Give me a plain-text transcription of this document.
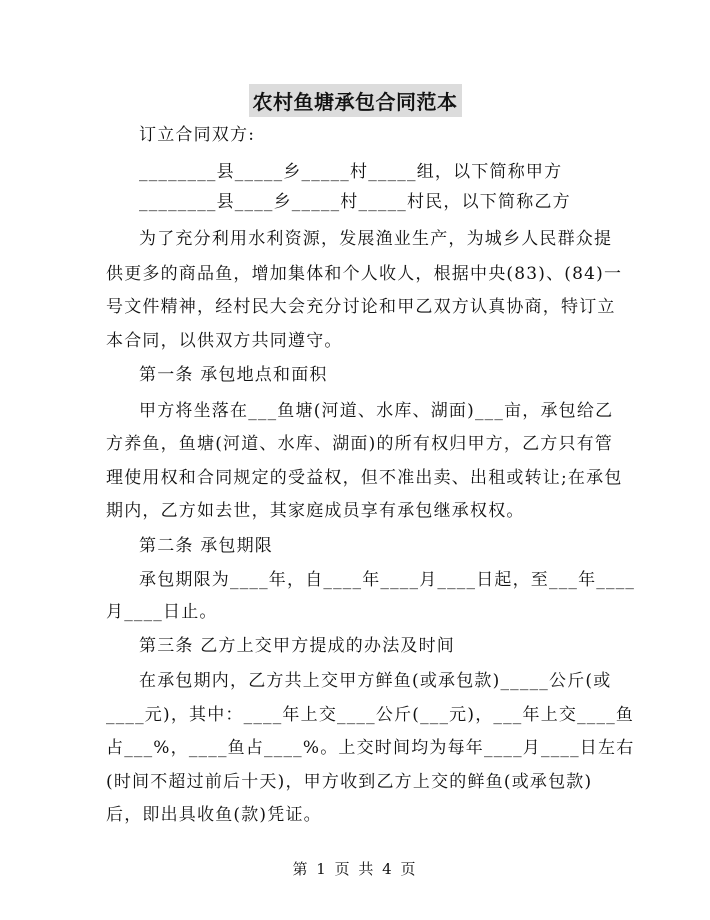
农村鱼塘承包合同范本
订立合同双方:
________县_____乡_____村_____组，以下简称甲方
________县____乡_____村_____村民，以下简称乙方
为了充分利用水利资源，发展渔业生产，为城乡人民群众提
供更多的商品鱼，增加集体和个人收人，根据中央(83)、(84)一
号文件精神，经村民大会充分讨论和甲乙双方认真协商，特订立
本合同，以供双方共同遵守。
第一条 承包地点和面积
甲方将坐落在___鱼塘(河道、水库、湖面)___亩，承包给乙
方养鱼，鱼塘(河道、水库、湖面)的所有权归甲方，乙方只有管
理使用权和合同规定的受益权，但不准出卖、出租或转让;在承包
期内，乙方如去世，其家庭成员享有承包继承权权。
第二条 承包期限
承包期限为____年，自____年____月____日起，至___年____
月____日止。
第三条 乙方上交甲方提成的办法及时间
在承包期内，乙方共上交甲方鲜鱼(或承包款)_____公斤(或
____元)，其中：____年上交____公斤(___元)，___年上交____鱼
占___%，____鱼占____%。上交时间均为每年____月____日左右
(时间不超过前后十天)，甲方收到乙方上交的鲜鱼(或承包款)
后，即出具收鱼(款)凭证。
第 1 页 共 4 页
